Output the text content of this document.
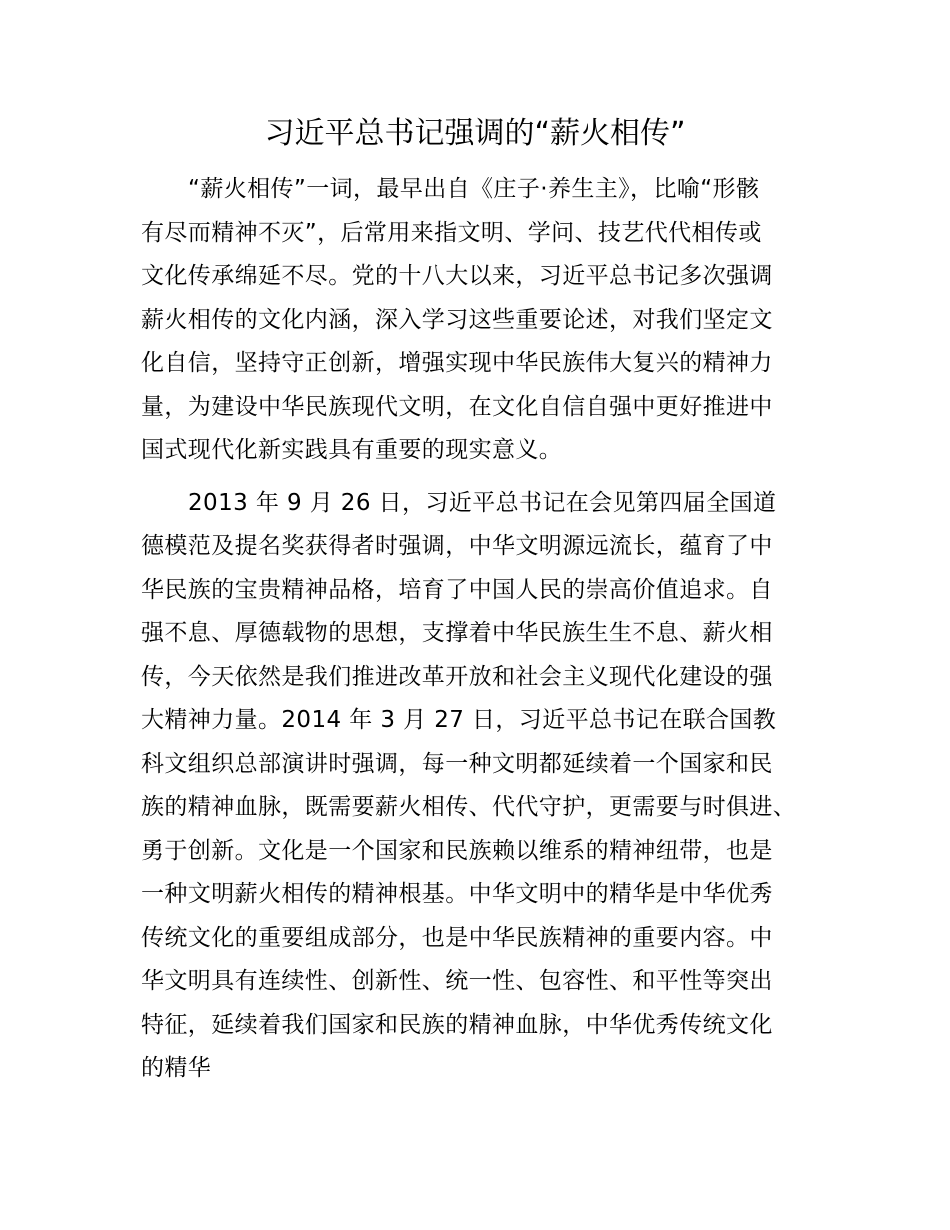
习近平总书记强调的“薪火相传”
“薪火相传”一词，最早出自《庄子·养生主》，比喻“形骸
有尽而精神不灭”，后常用来指文明、学问、技艺代代相传或
文化传承绵延不尽。党的十八大以来，习近平总书记多次强调
薪火相传的文化内涵，深入学习这些重要论述，对我们坚定文
化自信，坚持守正创新，增强实现中华民族伟大复兴的精神力
量，为建设中华民族现代文明，在文化自信自强中更好推进中
国式现代化新实践具有重要的现实意义。
2013 年 9 月 26 日，习近平总书记在会见第四届全国道
德模范及提名奖获得者时强调，中华文明源远流长，蕴育了中
华民族的宝贵精神品格，培育了中国人民的崇高价值追求。自
强不息、厚德载物的思想，支撑着中华民族生生不息、薪火相
传，今天依然是我们推进改革开放和社会主义现代化建设的强
大精神力量。2014 年 3 月 27 日，习近平总书记在联合国教
科文组织总部演讲时强调，每一种文明都延续着一个国家和民
族的精神血脉，既需要薪火相传、代代守护，更需要与时俱进、
勇于创新。文化是一个国家和民族赖以维系的精神纽带，也是
一种文明薪火相传的精神根基。中华文明中的精华是中华优秀
传统文化的重要组成部分，也是中华民族精神的重要内容。中
华文明具有连续性、创新性、统一性、包容性、和平性等突出
特征，延续着我们国家和民族的精神血脉，中华优秀传统文化
的精华
